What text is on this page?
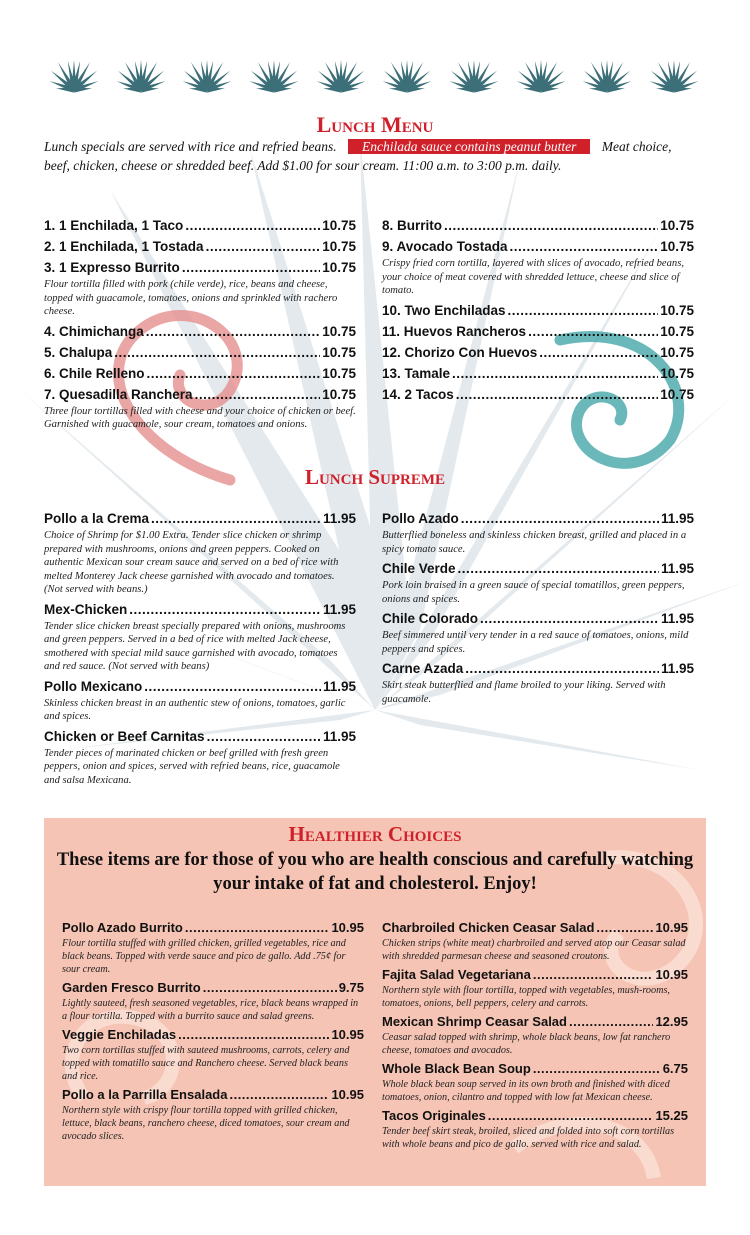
Lunch Menu
Lunch specials are served with rice and refried beans. Enchilada sauce contains peanut butter Meat choice, beef, chicken, cheese or shredded beef. Add $1.00 for sour cream. 11:00 a.m. to 3:00 p.m. daily.
1. 1 Enchilada, 1 Taco .....	10.75
2. 1 Enchilada, 1 Tostada .....	10.75
3. 1 Expresso Burrito .....	10.75
Flour tortilla filled with pork (chile verde), rice, beans and cheese, topped with guacamole, tomatoes, onions and sprinkled with rachero cheese.
4. Chimichanga .....	10.75
5. Chalupa .....	10.75
6. Chile Relleno .....	10.75
7. Quesadilla Ranchera .....	10.75
Three flour tortillas filled with cheese and your choice of chicken or beef. Garnished with guacamole, sour cream, tomatoes and onions.
8. Burrito .....	10.75
9. Avocado Tostada .....	10.75
Crispy fried corn tortilla, layered with slices of avocado, refried beans, your choice of meat covered with shredded lettuce, cheese and slice of tomato.
10. Two Enchiladas .....	10.75
11. Huevos Rancheros .....	10.75
12. Chorizo Con Huevos .....	10.75
13. Tamale .....	10.75
14. 2 Tacos .....	10.75
Lunch Supreme
Pollo a la Crema .....	11.95
Choice of Shrimp for $1.00 Extra. Tender slice chicken or shrimp prepared with mushrooms, onions and green peppers. Cooked on authentic Mexican sour cream sauce and served on a bed of rice with melted Monterey Jack cheese garnished with avocado and tomatoes. (Not served with beans.)
Mex-Chicken .....	11.95
Tender slice chicken breast specially prepared with onions, mushrooms and green peppers. Served in a bed of rice with melted Jack cheese, smothered with special mild sauce garnished with avocado, tomatoes and red sauce. (Not served with beans)
Pollo Mexicano .....	11.95
Skinless chicken breast in an authentic stew of onions, tomatoes, garlic and spices.
Chicken or Beef Carnitas .....	11.95
Tender pieces of marinated chicken or beef grilled with fresh green peppers, onion and spices, served with refried beans, rice, guacamole and salsa Mexicana.
Pollo Azado .....	11.95
Butterflied boneless and skinless chicken breast, grilled and placed in a spicy tomato sauce.
Chile Verde .....	11.95
Pork loin braised in a green sauce of special tomatillos, green peppers, onions and spices.
Chile Colorado .....	11.95
Beef simmered until very tender in a red sauce of tomatoes, onions, mild peppers and spices.
Carne Azada .....	11.95
Skirt steak butterflied and flame broiled to your liking. Served with guacamole.
Healthier Choices
These items are for those of you who are health conscious and carefully watching your intake of fat and cholesterol. Enjoy!
Pollo Azado Burrito .....	10.95
Flour tortilla stuffed with grilled chicken, grilled vegetables, rice and black beans. Topped with verde sauce and pico de gallo. Add .75¢ for sour cream.
Garden Fresco Burrito .....	9.75
Lightly sauteed, fresh seasoned vegetables, rice, black beans wrapped in a flour tortilla. Topped with a burrito sauce and salad greens.
Veggie Enchiladas .....	10.95
Two corn tortillas stuffed with sauteed mushrooms, carrots, celery and topped with tomatillo sauce and Ranchero cheese. Served black beans and rice.
Pollo a la Parrilla Ensalada .....	10.95
Northern style with crispy flour tortilla topped with grilled chicken, lettuce, black beans, ranchero cheese, diced tomatoes, sour cream and avocado slices.
Charbroiled Chicken Ceasar Salad .....	10.95
Chicken strips (white meat) charbroiled and served atop our Ceasar salad with shredded parmesan cheese and seasoned croutons.
Fajita Salad Vegetariana .....	10.95
Northern style with flour tortilla, topped with vegetables, mush-rooms, tomatoes, onions, bell peppers, celery and carrots.
Mexican Shrimp Ceasar Salad .....	12.95
Ceasar salad topped with shrimp, whole black beans, low fat ranchero cheese, tomatoes and avocados.
Whole Black Bean Soup .....	6.75
Whole black bean soup served in its own broth and finished with diced tomatoes, onion, cilantro and topped with low fat Mexican cheese.
Tacos Originales .....	15.25
Tender beef skirt steak, broiled, sliced and folded into soft corn tortillas with whole beans and pico de gallo. served with rice and salad.
